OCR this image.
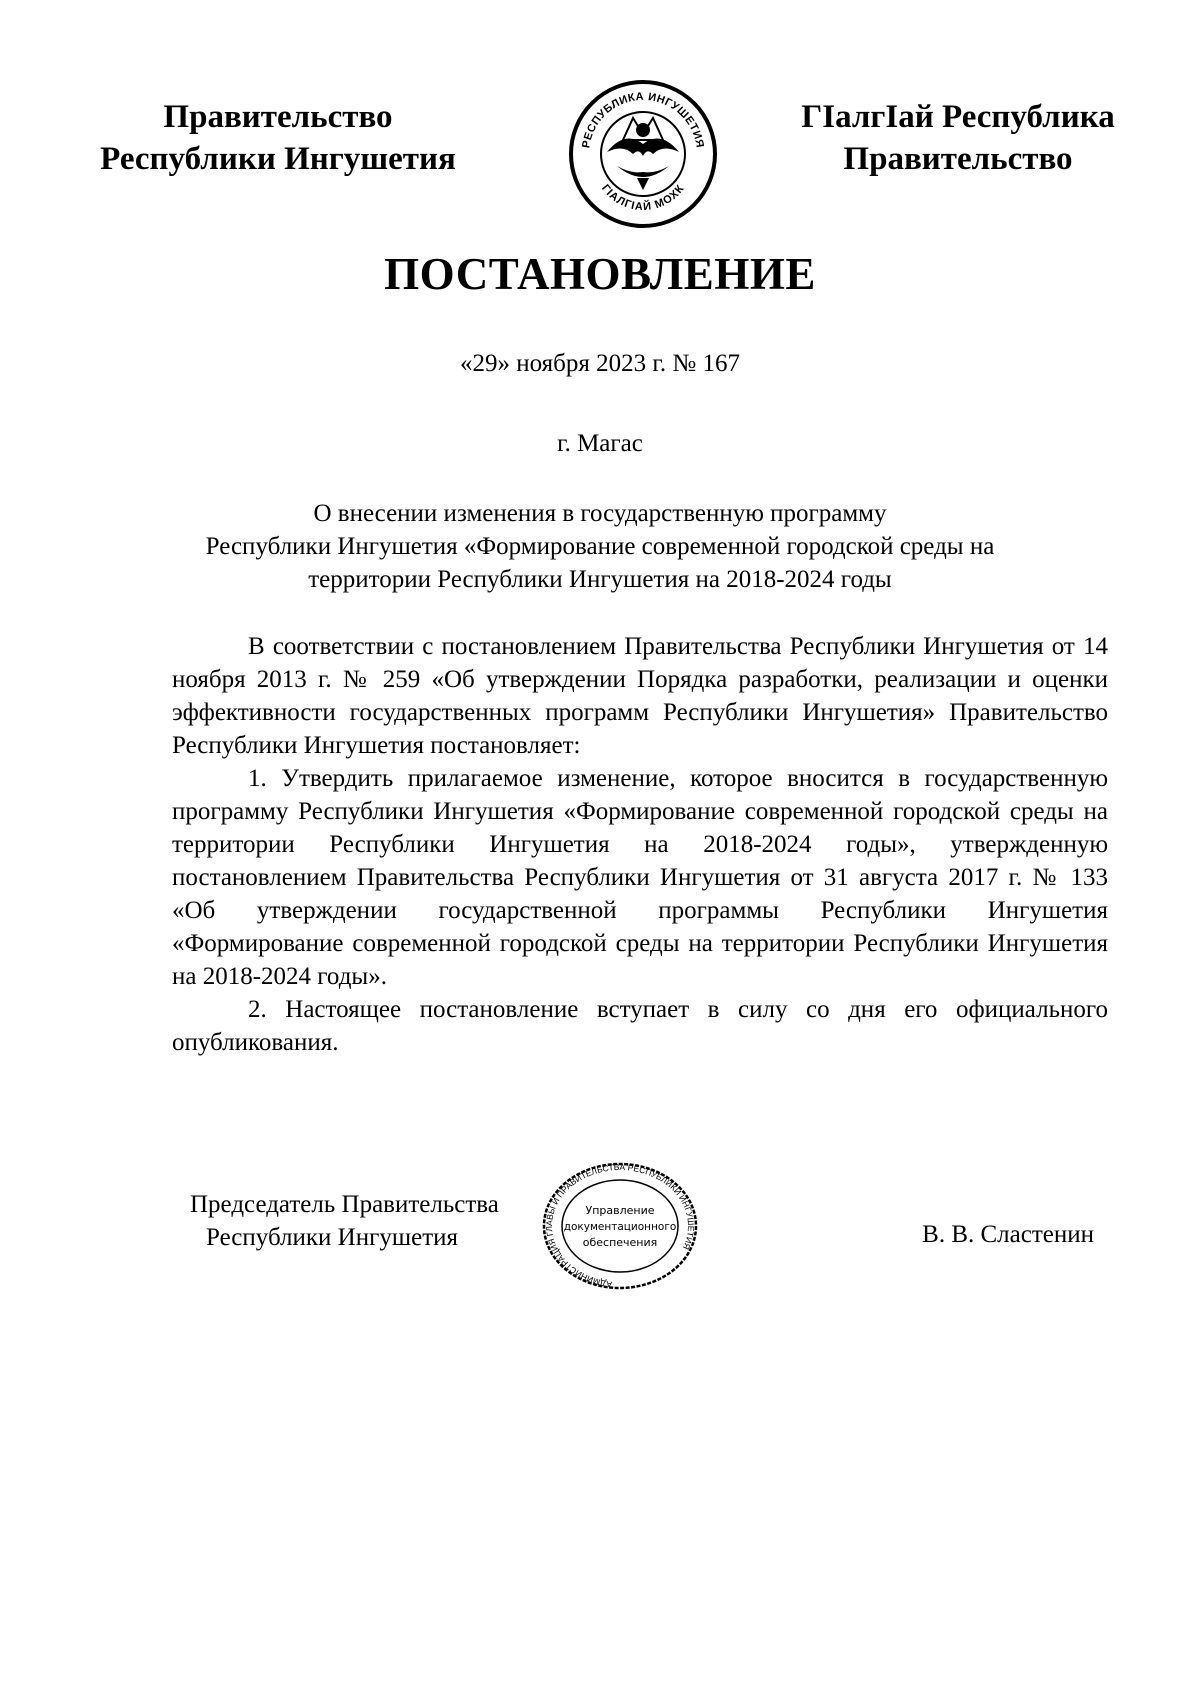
Правительство
Республики Ингушетия	РЕСПУБЛИКА ИНГУШЕТИЯ
ГІАЛГІАЙ МОХК
ГІалгІай Республика
Правительство
ПОСТАНОВЛЕНИЕ
«29» ноября 2023 г. № 167
г. Магас
О внесении изменения в государственную программу
Республики Ингушетия «Формирование современной городской среды на
территории Республики Ингушетия на 2018-2024 годы

В соответствии с постановлением Правительства Республики Ингушетия от 14 ноября 2013 г. № 259 «Об утверждении Порядка разработки, реализации и оценки эффективности государственных программ Республики Ингушетия» Правительство Республики Ингушетия постановляет:

1. Утвердить прилагаемое изменение, которое вносится в государственную программу Республики Ингушетия «Формирование современной городской среды на территории Республики Ингушетия на 2018-2024 годы», утвержденную постановлением Правительства Республики Ингушетия от 31 августа 2017 г. № 133 «Об утверждении государственной программы Республики Ингушетия «Формирование современной городской среды на территории Республики Ингушетия на 2018-2024 годы».

2. Настоящее постановление вступает в силу со дня его официального опубликования.

Председатель Правительства
Республики Ингушетия
АДМИНИСТРАЦИЯ ГЛАВЫ И ПРАВИТЕЛЬСТВА РЕСПУБЛИКИ ИНГУШЕТИЯ
Управление
документационного
обеспечения	В. В. Сластенин
